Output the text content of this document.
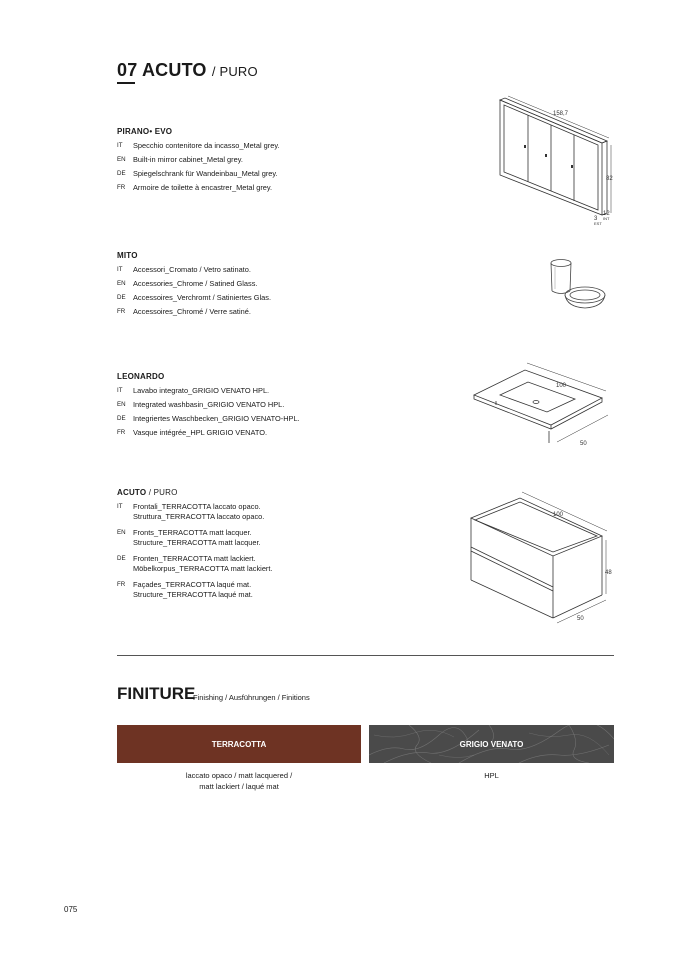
07 ACUTO / PURO
PIRANO• EVO
IT	Specchio contenitore da incasso_Metal grey.
EN Built-in mirror cabinet_Metal grey.
DE Spiegelschrank für Wandeinbau_Metal grey.
FR	Armoire de toilette à encastrer_Metal grey.
MITO
IT	Accessori_Cromato / Vetro satinato.
EN Accessories_Chrome / Satined Glass.
DE Accessoires_Verchromt / Satiniertes Glas.
FR	Accessoires_Chromé / Verre satiné.
LEONARDO
IT	Lavabo integrato_GRIGIO VENATO HPL.
EN Integrated washbasin_GRIGIO VENATO HPL.
DE Integriertes Waschbecken_GRIGIO VENATO-HPL.
FR	Vasque intégrée_HPL GRIGIO VENATO.
ACUTO / PURO
IT	Frontali_TERRACOTTA laccato opaco.
Struttura_TERRACOTTA laccato opaco.
EN Fronts_TERRACOTTA matt lacquer.
Structure_TERRACOTTA matt lacquer.
DE Fronten_TERRACOTTA matt lackiert.
Möbelkorpus_TERRACOTTA matt lackiert.
FR	Façades_TERRACOTTA laqué mat.
Structure_TERRACOTTA laqué mat.
158,7
82
12
INT
3
EST
100
50
100
48
50
FINITURE
Finishing / Ausführungen / Finitions
TERRACOTTA	GRIGIO VENATO
laccato opaco / matt lacquered /
matt lackiert / laqué mat
HPL
075
